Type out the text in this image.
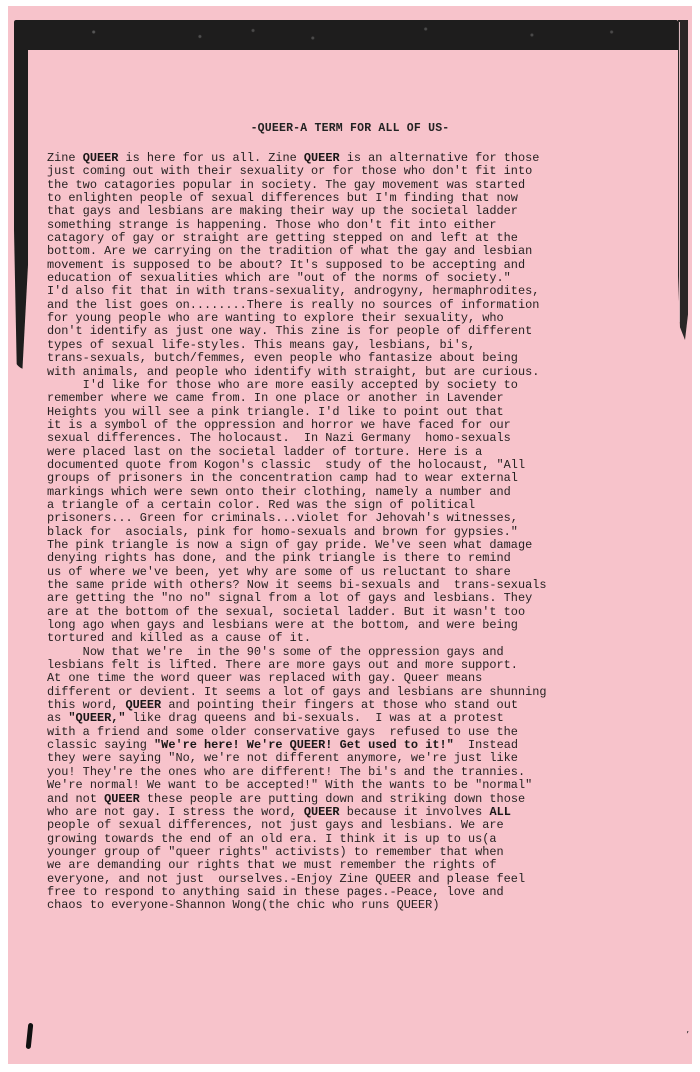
-QUEER-A TERM FOR ALL OF US-
Zine QUEER is here for us all. Zine QUEER is an alternative for those
just coming out with their sexuality or for those who don't fit into
the two catagories popular in society. The gay movement was started
to enlighten people of sexual differences but I'm finding that now
that gays and lesbians are making their way up the societal ladder
something strange is happening. Those who don't fit into either
catagory of gay or straight are getting stepped on and left at the
bottom. Are we carrying on the tradition of what the gay and lesbian
movement is supposed to be about? It's supposed to be accepting and
education of sexualities which are "out of the norms of society."
I'd also fit that in with trans-sexuality, androgyny, hermaphrodites,
and the list goes on........There is really no sources of information
for young people who are wanting to explore their sexuality, who
don't identify as just one way. This zine is for people of different
types of sexual life-styles. This means gay, lesbians, bi's,
trans-sexuals, butch/femmes, even people who fantasize about being
with animals, and people who identify with straight, but are curious.
I'd like for those who are more easily accepted by society to
remember where we came from. In one place or another in Lavender
Heights you will see a pink triangle. I'd like to point out that
it is a symbol of the oppression and horror we have faced for our
sexual differences. The holocaust.  In Nazi Germany  homo-sexuals
were placed last on the societal ladder of torture. Here is a
documented quote from Kogon's classic  study of the holocaust, "All
groups of prisoners in the concentration camp had to wear external
markings which were sewn onto their clothing, namely a number and
a triangle of a certain color. Red was the sign of political
prisoners... Green for criminals...violet for Jehovah's witnesses,
black for  asocials, pink for homo-sexuals and brown for gypsies."
The pink triangle is now a sign of gay pride. We've seen what damage
denying rights has done, and the pink triangle is there to remind
us of where we've been, yet why are some of us reluctant to share
the same pride with others? Now it seems bi-sexuals and  trans-sexuals
are getting the "no no" signal from a lot of gays and lesbians. They
are at the bottom of the sexual, societal ladder. But it wasn't too
long ago when gays and lesbians were at the bottom, and were being
tortured and killed as a cause of it.
Now that we're  in the 90's some of the oppression gays and
lesbians felt is lifted. There are more gays out and more support.
At one time the word queer was replaced with gay. Queer means
different or devient. It seems a lot of gays and lesbians are shunning
this word, QUEER and pointing their fingers at those who stand out
as "QUEER," like drag queens and bi-sexuals.  I was at a protest
with a friend and some older conservative gays  refused to use the
classic saying "We're here! We're QUEER! Get used to it!"  Instead
they were saying "No, we're not different anymore, we're just like
you! They're the ones who are different! The bi's and the trannies.
We're normal! We want to be accepted!" With the wants to be "normal"
and not QUEER these people are putting down and striking down those
who are not gay. I stress the word, QUEER because it involves ALL
people of sexual differences, not just gays and lesbians. We are
growing towards the end of an old era. I think it is up to us(a
younger group of "queer rights" activists) to remember that when
we are demanding our rights that we must remember the rights of
everyone, and not just  ourselves.-Enjoy Zine QUEER and please feel
free to respond to anything said in these pages.-Peace, love and
chaos to everyone-Shannon Wong(the chic who runs QUEER)
’
